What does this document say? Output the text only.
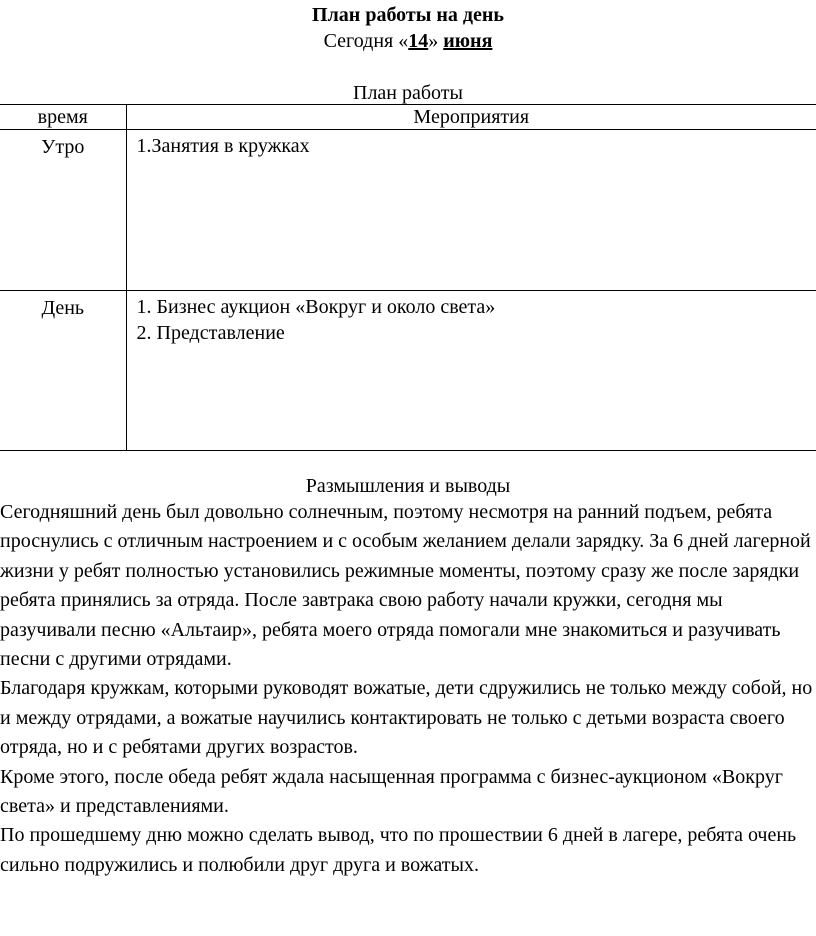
План работы на день
Сегодня «14» июня
План работы
время	Мероприятия
Утро	1.Занятия в кружках

День	1. Бизнес аукцион «Вокруг и около света»
2. Представление
Размышления и выводы

Сегодняшний день был довольно солнечным, поэтому несмотря на ранний подъем, ребята проснулись с отличным настроением и с особым желанием делали зарядку. За 6 дней лагерной жизни у ребят полностью установились режимные моменты, поэтому сразу же после зарядки ребята принялись за отряда. После завтрака свою работу начали кружки, сегодня мы разучивали песню «Альтаир», ребята моего отряда помогали мне знакомиться и разучивать песни с другими отрядами.

Благодаря кружкам, которыми руководят вожатые, дети сдружились не только между собой, но и между отрядами, а вожатые научились контактировать не только с детьми возраста своего отряда, но и с ребятами других возрастов.

Кроме этого, после обеда ребят ждала насыщенная программа с бизнес-аукционом «Вокруг света» и представлениями.

По прошедшему дню можно сделать вывод, что по прошествии 6 дней в лагере, ребята очень сильно подружились и полюбили друг друга и вожатых.
